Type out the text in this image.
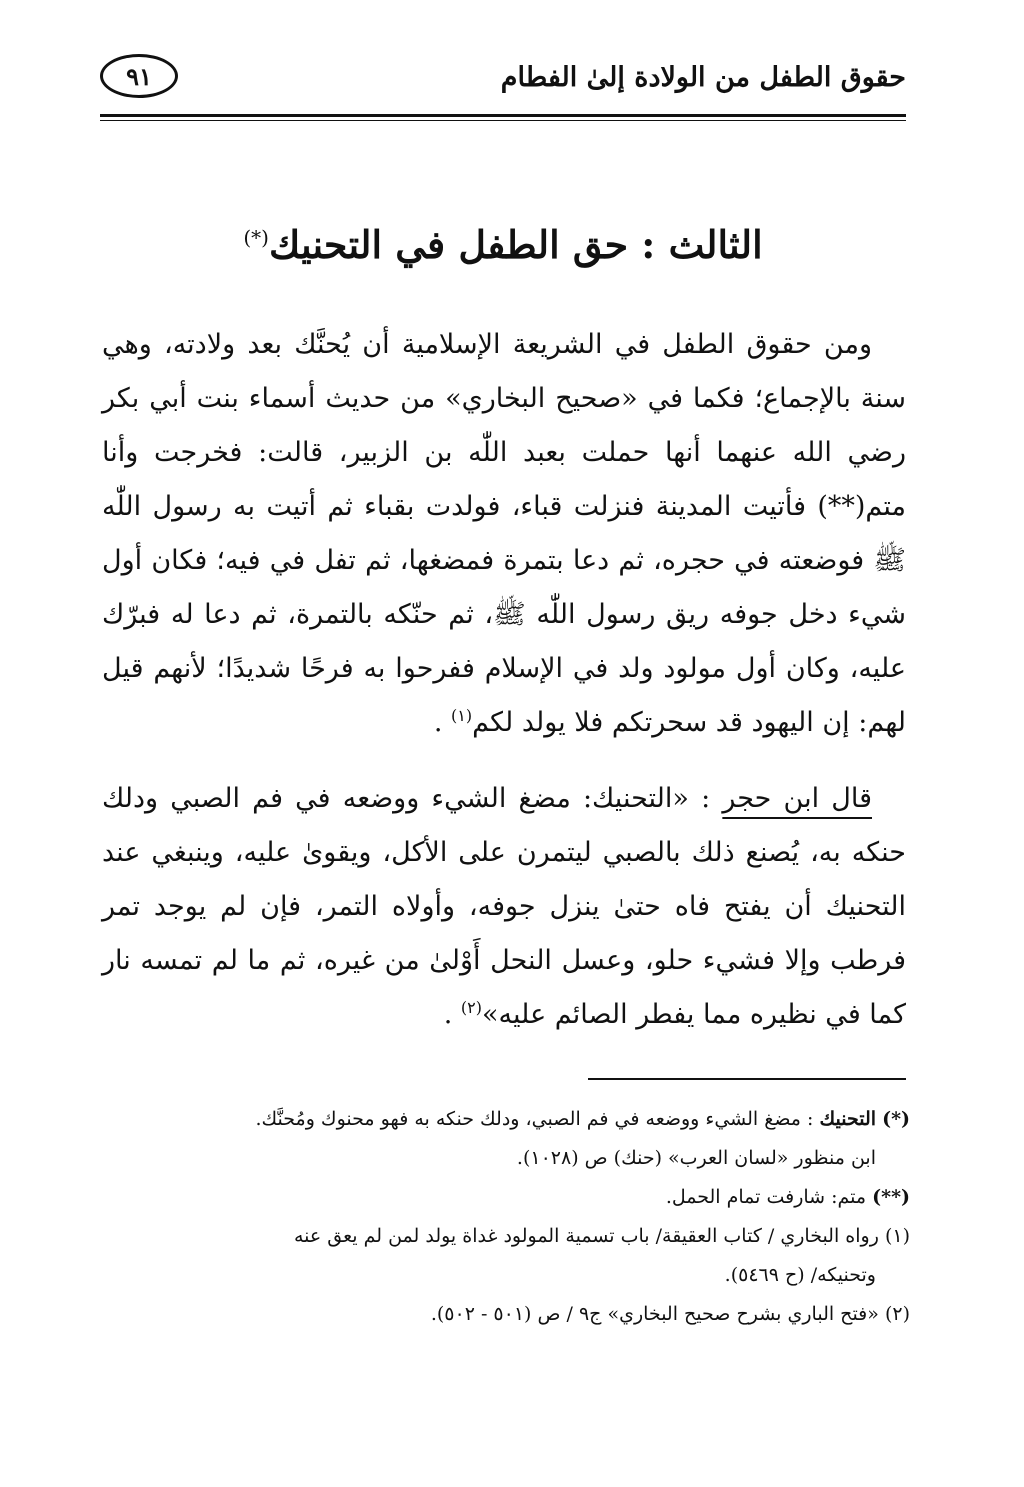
حقوق الطفل من الولادة إلىٰ الفطام
٩١
الثالث : حق الطفل في التحنيك(*)
ومن حقوق الطفل في الشريعة الإسلامية أن يُحنَّك بعد ولادته، وهي سنة بالإجماع؛ فكما في «صحيح البخاري» من حديث أسماء بنت أبي بكر رضي الله عنهما أنها حملت بعبد اللّٰه بن الزبير، قالت: فخرجت وأنا متم(**) فأتيت المدينة فنزلت قباء، فولدت بقباء ثم أتيت به رسول اللّٰه ﷺ فوضعته في حجره، ثم دعا بتمرة فمضغها، ثم تفل في فيه؛ فكان أول شيء دخل جوفه ريق رسول اللّٰه ﷺ، ثم حنّكه بالتمرة، ثم دعا له فبرّك عليه، وكان أول مولود ولد في الإسلام ففرحوا به فرحًا شديدًا؛ لأنهم قيل لهم: إن اليهود قد سحرتكم فلا يولد لكم$^{(١)}$ .
قال ابن حجر : «التحنيك: مضغ الشيء ووضعه في فم الصبي ودلك حنكه به، يُصنع ذلك بالصبي ليتمرن على الأكل، ويقوىٰ عليه، وينبغي عند التحنيك أن يفتح فاه حتىٰ ينزل جوفه، وأولاه التمر، فإن لم يوجد تمر فرطب وإلا فشيء حلو، وعسل النحل أَوْلىٰ من غيره، ثم ما لم تمسه نار كما في نظيره مما يفطر الصائم عليه»$^{(٢)}$ .

(*) التحنيك : مضغ الشيء ووضعه في فم الصبي، ودلك حنكه به فهو محنوك ومُحنَّك.

ابن منظور «لسان العرب» (حنك) ص (١٠٢٨).

(**) متم: شارفت تمام الحمل.

(١) رواه البخاري / كتاب العقيقة/ باب تسمية المولود غداة يولد لمن لم يعق عنه

وتحنيكه/ (ح ٥٤٦٩).

(٢) «فتح الباري بشرح صحيح البخاري» ج٩ / ص (٥٠١ - ٥٠٢).
